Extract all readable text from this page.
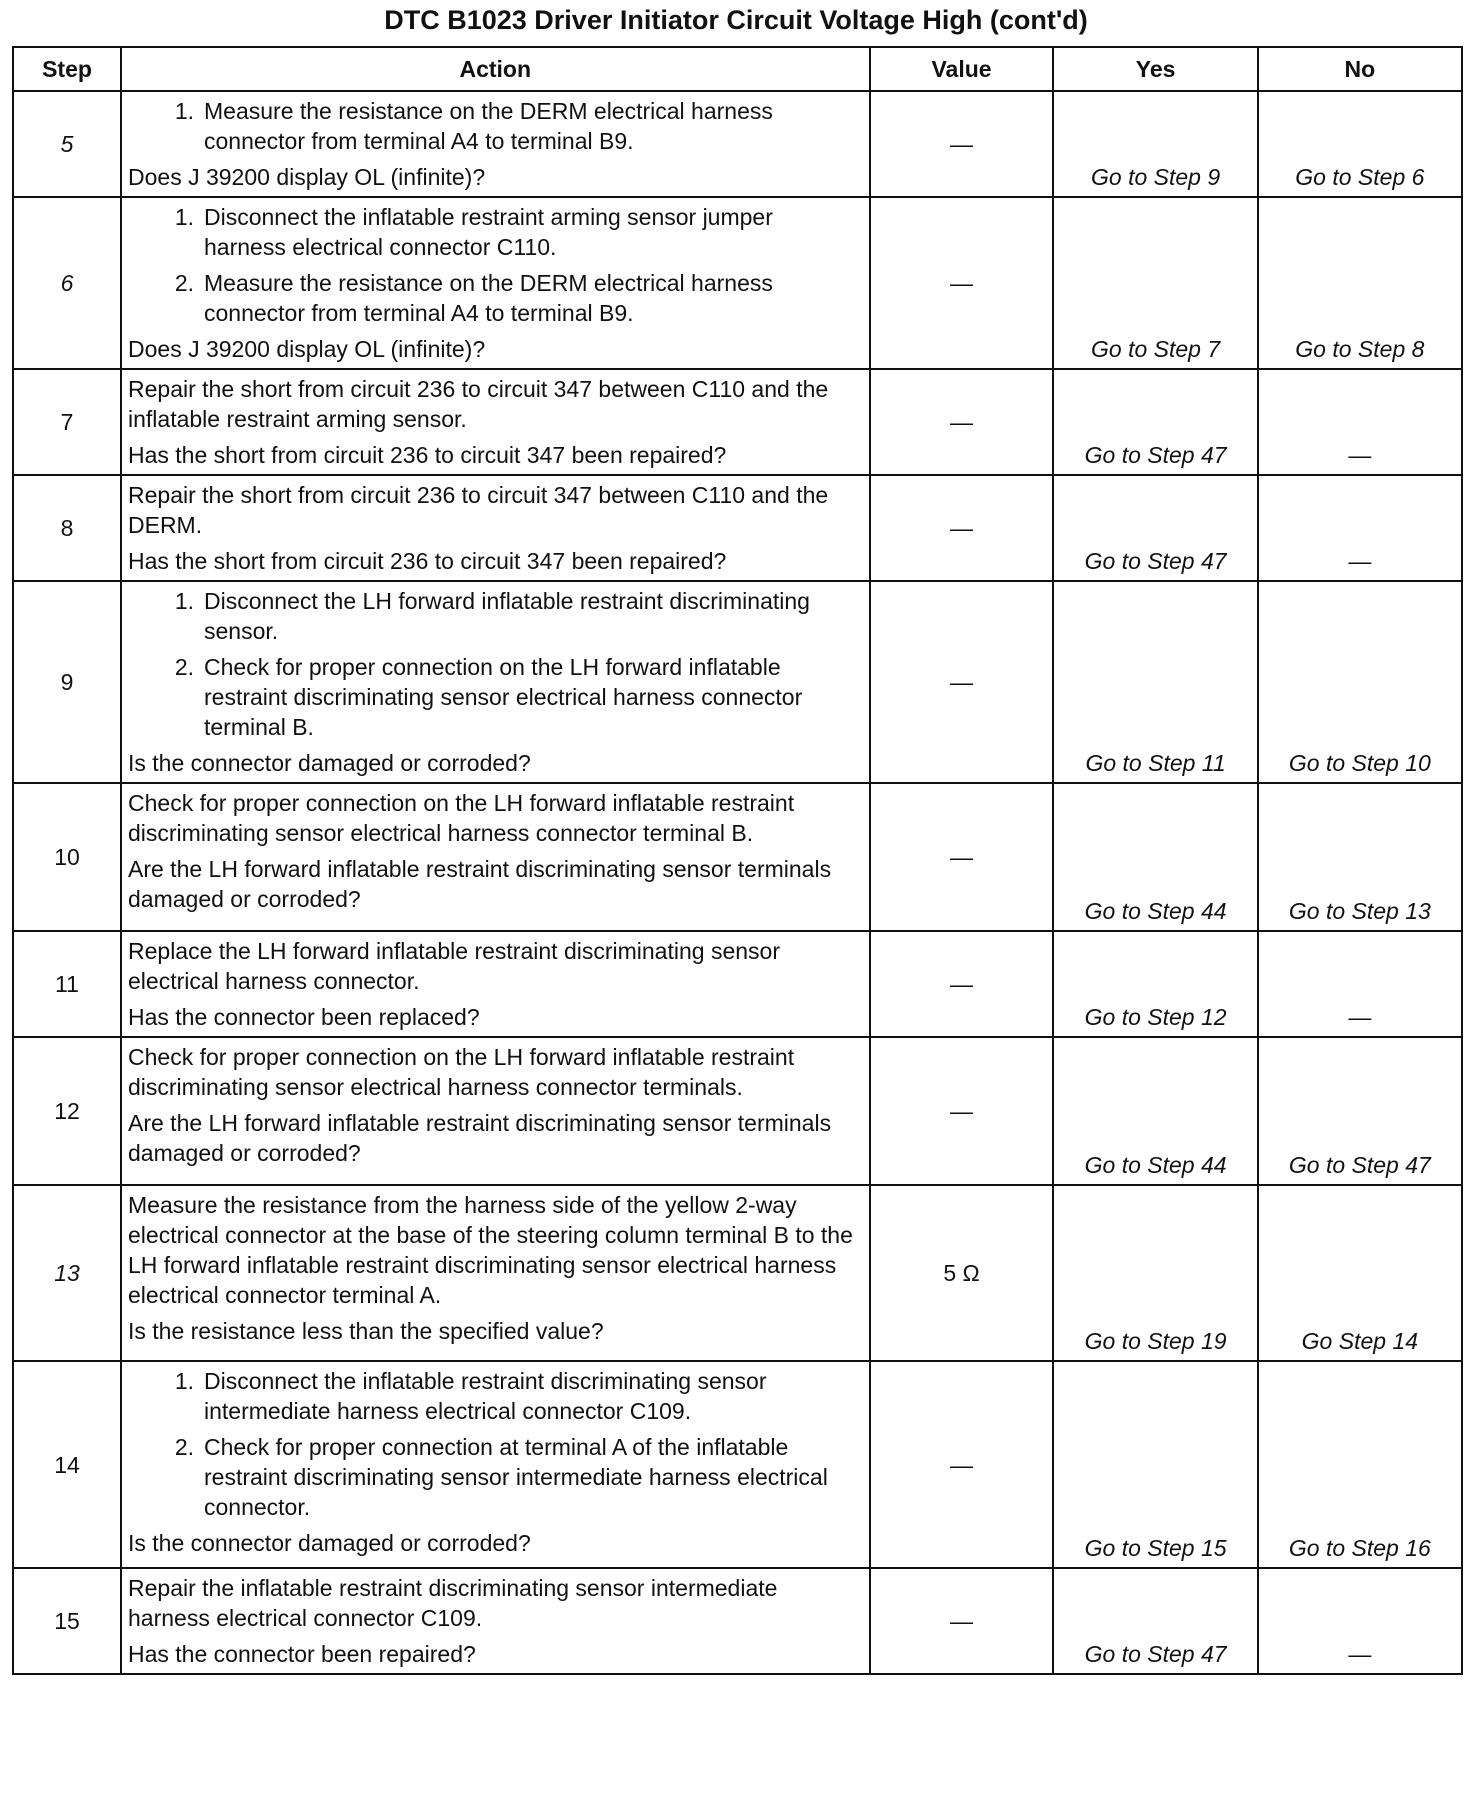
DTC B1023 Driver Initiator Circuit Voltage High (cont'd)
Step	Action	Value	Yes	No
5	1. Measure the resistance on the DERM electrical harness connector from terminal A4 to terminal B9.
Does J 39200 display OL (infinite)?	—	Go to Step 9	Go to Step 6
6	1. Disconnect the inflatable restraint arming sensor jumper harness electrical connector C110.
2. Measure the resistance on the DERM electrical harness connector from terminal A4 to terminal B9.
Does J 39200 display OL (infinite)?	—	Go to Step 7	Go to Step 8
7	Repair the short from circuit 236 to circuit 347 between C110 and the inflatable restraint arming sensor.
Has the short from circuit 236 to circuit 347 been repaired?	—	Go to Step 47	—
8	Repair the short from circuit 236 to circuit 347 between C110 and the DERM.
Has the short from circuit 236 to circuit 347 been repaired?	—	Go to Step 47	—
9	1. Disconnect the LH forward inflatable restraint discriminating sensor.
2. Check for proper connection on the LH forward inflatable restraint discriminating sensor electrical harness connector terminal B.
Is the connector damaged or corroded?	—	Go to Step 11	Go to Step 10
10	Check for proper connection on the LH forward inflatable restraint discriminating sensor electrical harness connector terminal B.
Are the LH forward inflatable restraint discriminating sensor terminals damaged or corroded?	—	Go to Step 44	Go to Step 13
11	Replace the LH forward inflatable restraint discriminating sensor electrical harness connector.
Has the connector been replaced?	—	Go to Step 12	—
12	Check for proper connection on the LH forward inflatable restraint discriminating sensor electrical harness connector terminals.
Are the LH forward inflatable restraint discriminating sensor terminals damaged or corroded?	—	Go to Step 44	Go to Step 47
13	Measure the resistance from the harness side of the yellow 2-way electrical connector at the base of the steering column terminal B to the LH forward inflatable restraint discriminating sensor electrical harness electrical connector terminal A.
Is the resistance less than the specified value?	5 Ω	Go to Step 19	Go Step 14
14	1. Disconnect the inflatable restraint discriminating sensor intermediate harness electrical connector C109.
2. Check for proper connection at terminal A of the inflatable restraint discriminating sensor intermediate harness electrical connector.
Is the connector damaged or corroded?	—	Go to Step 15	Go to Step 16
15	Repair the inflatable restraint discriminating sensor intermediate harness electrical connector C109.
Has the connector been repaired?	—	Go to Step 47	—
